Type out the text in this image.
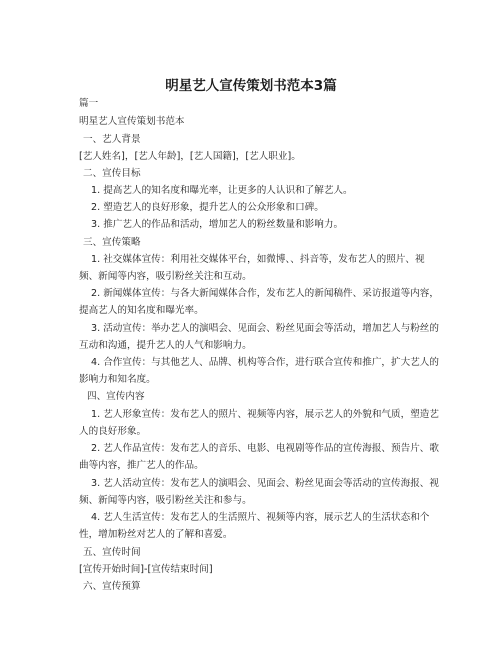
明星艺人宣传策划书范本3篇
篇一
明星艺人宣传策划书范本
一、艺人背景
[艺人姓名]，[艺人年龄]，[艺人国籍]，[艺人职业]。
二、宣传目标
1. 提高艺人的知名度和曝光率，让更多的人认识和了解艺人。
2. 塑造艺人的良好形象，提升艺人的公众形象和口碑。
3. 推广艺人的作品和活动，增加艺人的粉丝数量和影响力。
三、宣传策略
1. 社交媒体宣传：利用社交媒体平台，如微博、、抖音等，发布艺人的照片、视
频、新闻等内容，吸引粉丝关注和互动。
2. 新闻媒体宣传：与各大新闻媒体合作，发布艺人的新闻稿件、采访报道等内容，
提高艺人的知名度和曝光率。
3. 活动宣传：举办艺人的演唱会、见面会、粉丝见面会等活动，增加艺人与粉丝的
互动和沟通，提升艺人的人气和影响力。
4. 合作宣传：与其他艺人、品牌、机构等合作，进行联合宣传和推广，扩大艺人的
影响力和知名度。
四、宣传内容
1. 艺人形象宣传：发布艺人的照片、视频等内容，展示艺人的外貌和气质，塑造艺
人的良好形象。
2. 艺人作品宣传：发布艺人的音乐、电影、电视剧等作品的宣传海报、预告片、歌
曲等内容，推广艺人的作品。
3. 艺人活动宣传：发布艺人的演唱会、见面会、粉丝见面会等活动的宣传海报、视
频、新闻等内容，吸引粉丝关注和参与。
4. 艺人生活宣传：发布艺人的生活照片、视频等内容，展示艺人的生活状态和个
性，增加粉丝对艺人的了解和喜爱。
五、宣传时间
[宣传开始时间]-[宣传结束时间]
六、宣传预算
